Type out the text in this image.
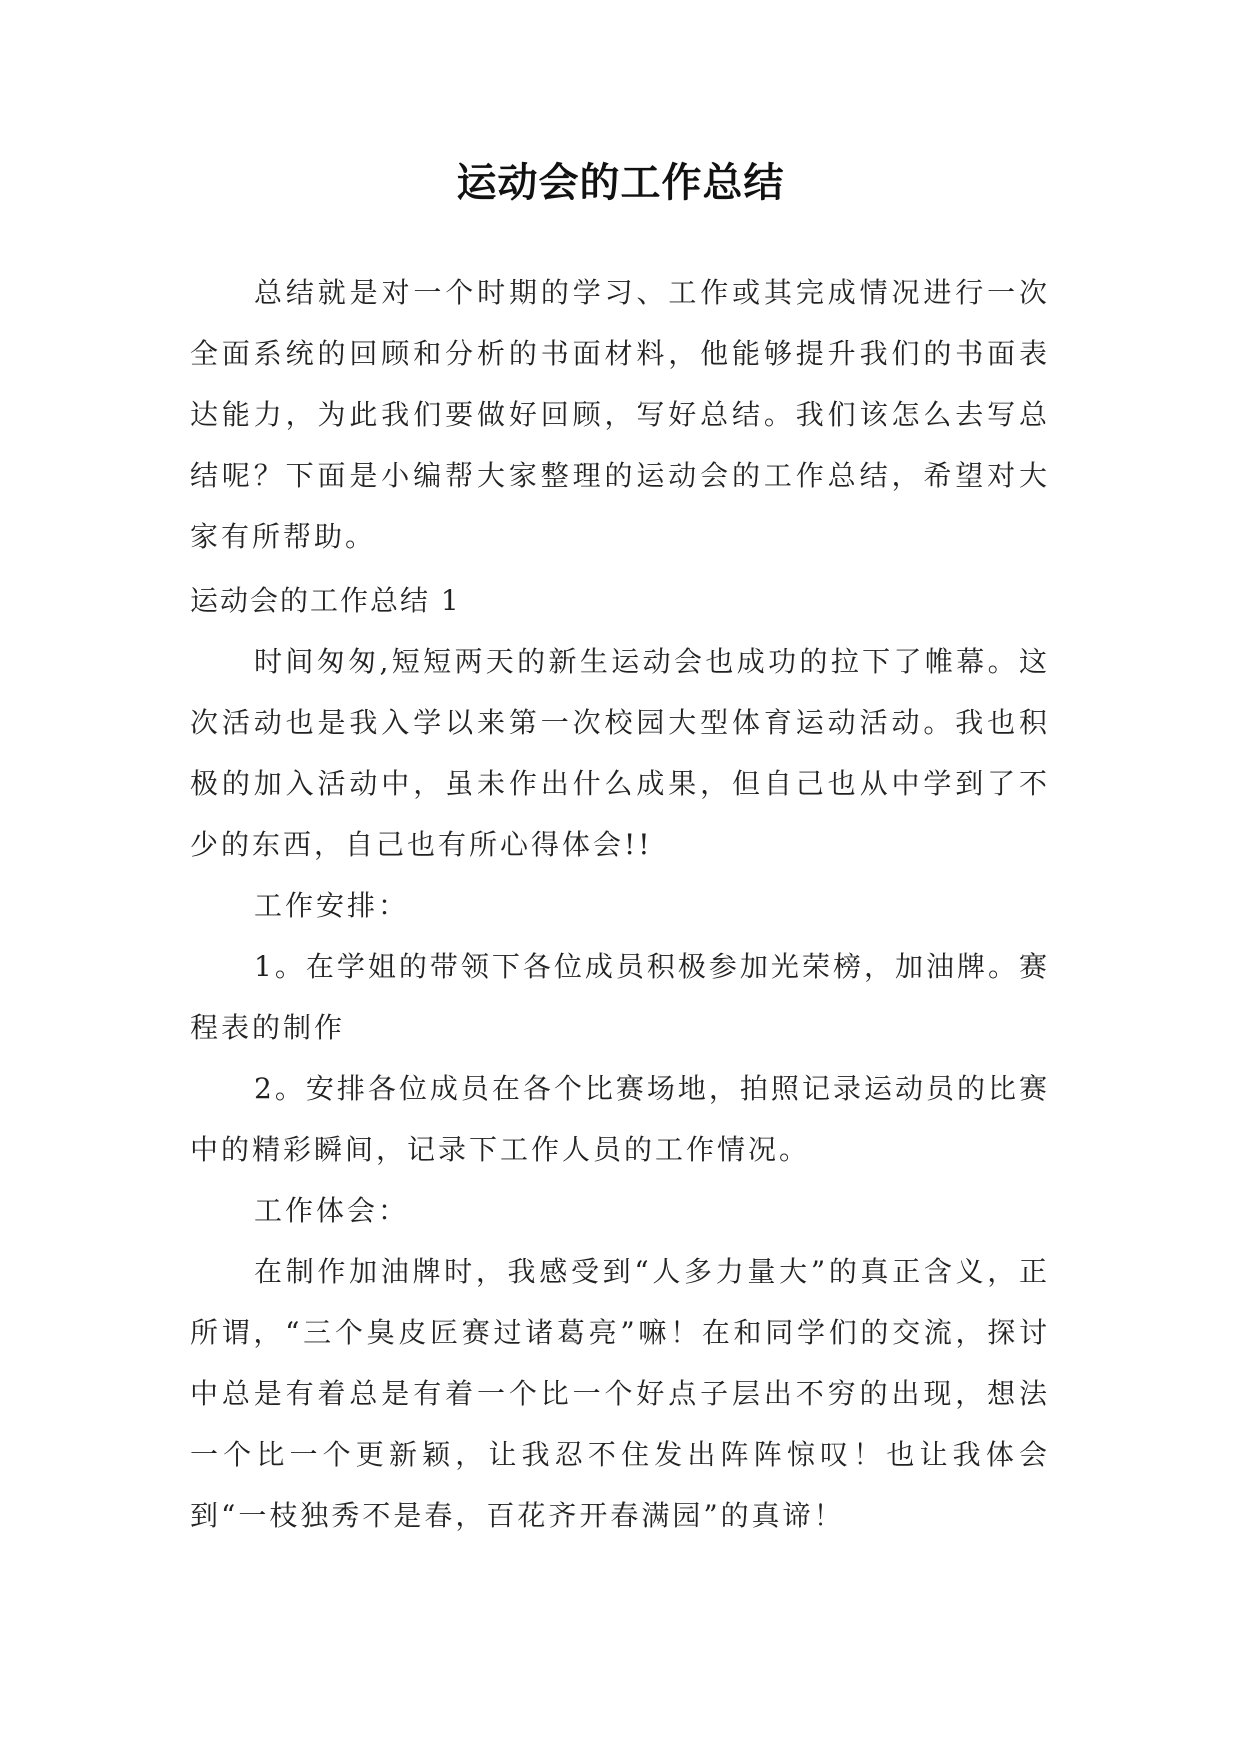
运动会的工作总结

总结就是对一个时期的学习、工作或其完成情况进行一次全面系统的回顾和分析的书面材料，他能够提升我们的书面表达能力，为此我们要做好回顾，写好总结。我们该怎么去写总结呢？下面是小编帮大家整理的运动会的工作总结，希望对大家有所帮助。

运动会的工作总结 1

时间匆匆,短短两天的新生运动会也成功的拉下了帷幕。这次活动也是我入学以来第一次校园大型体育运动活动。我也积极的加入活动中，虽未作出什么成果，但自己也从中学到了不少的东西，自己也有所心得体会!!

工作安排：

1。在学姐的带领下各位成员积极参加光荣榜，加油牌。赛程表的制作

2。安排各位成员在各个比赛场地，拍照记录运动员的比赛中的精彩瞬间，记录下工作人员的工作情况。

工作体会：

在制作加油牌时，我感受到“人多力量大”的真正含义，正所谓，“三个臭皮匠赛过诸葛亮”嘛！在和同学们的交流，探讨中总是有着总是有着一个比一个好点子层出不穷的出现，想法一个比一个更新颖，让我忍不住发出阵阵惊叹！也让我体会到“一枝独秀不是春，百花齐开春满园”的真谛！
